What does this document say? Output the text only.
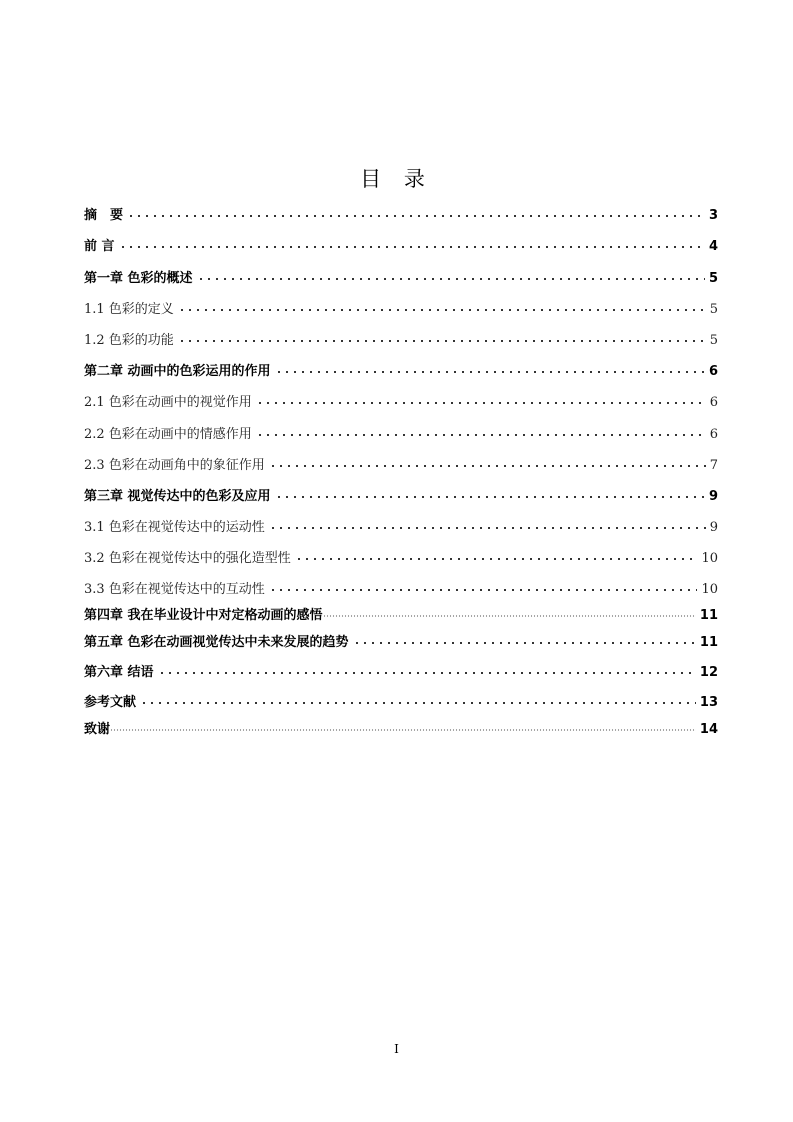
目 录
摘　要	3
前 言	4
第一章 色彩的概述	5
1.1 色彩的定义	5
1.2 色彩的功能	5
第二章 动画中的色彩运用的作用	6
2.1 色彩在动画中的视觉作用	6
2.2 色彩在动画中的情感作用	6
2.3 色彩在动画角中的象征作用	7
第三章 视觉传达中的色彩及应用	9
3.1 色彩在视觉传达中的运动性	9
3.2 色彩在视觉传达中的强化造型性	10
3.3 色彩在视觉传达中的互动性	10
第四章 我在毕业设计中对定格动画的感悟	11
第五章 色彩在动画视觉传达中未来发展的趋势	11
第六章 结语	12
参考文献	13
致谢	14
I
